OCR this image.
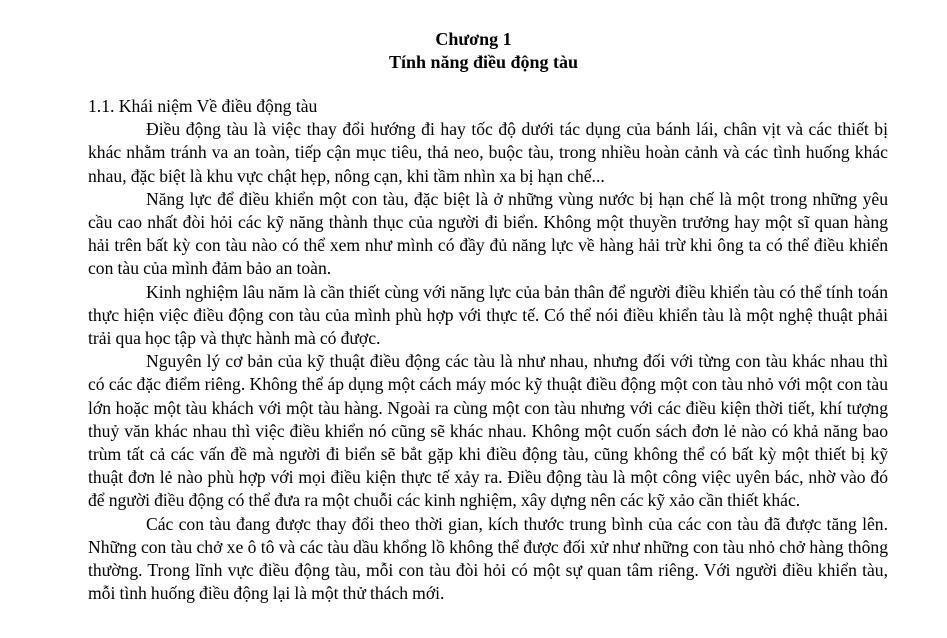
Chương 1
Tính năng điều động tàu

1.1. Khái niệm Về điều động tàu

Điều động tàu là việc thay đổi hướng đi hay tốc độ dưới tác dụng của bánh lái, chân vịt và các thiết bị khác nhằm tránh va an toàn, tiếp cận mục tiêu, thả neo, buộc tàu, trong nhiều hoàn cảnh và các tình huống khác nhau, đặc biệt là khu vực chật hẹp, nông cạn, khi tầm nhìn xa bị hạn chế...

Năng lực để điều khiển một con tàu, đặc biệt là ở những vùng nước bị hạn chế là một trong những yêu cầu cao nhất đòi hỏi các kỹ năng thành thục của người đi biển. Không một thuyền trưởng hay một sĩ quan hàng hải trên bất kỳ con tàu nào có thể xem như mình có đầy đủ năng lực về hàng hải trừ khi ông ta có thể điều khiển con tàu của mình đảm bảo an toàn.

Kinh nghiệm lâu năm là cần thiết cùng với năng lực của bản thân để người điều khiển tàu có thể tính toán thực hiện việc điều động con tàu của mình phù hợp với thực tế. Có thể nói điều khiển tàu là một nghệ thuật phải trải qua học tập và thực hành mà có được.

Nguyên lý cơ bản của kỹ thuật điều động các tàu là như nhau, nhưng đối với từng con tàu khác nhau thì có các đặc điểm riêng. Không thể áp dụng một cách máy móc kỹ thuật điều động một con tàu nhỏ với một con tàu lớn hoặc một tàu khách với một tàu hàng. Ngoài ra cùng một con tàu nhưng với các điều kiện thời tiết, khí tượng thuỷ văn khác nhau thì việc điều khiển nó cũng sẽ khác nhau. Không một cuốn sách đơn lẻ nào có khả năng bao trùm tất cả các vấn đề mà người đi biển sẽ bắt gặp khi điều động tàu, cũng không thể có bất kỳ một thiết bị kỹ thuật đơn lẻ nào phù hợp với mọi điều kiện thực tế xảy ra. Điều động tàu là một công việc uyên bác, nhờ vào đó để người điều động có thể đưa ra một chuỗi các kinh nghiệm, xây dựng nên các kỹ xảo cần thiết khác.

Các con tàu đang được thay đổi theo thời gian, kích thước trung bình của các con tàu đã được tăng lên. Những con tàu chở xe ô tô và các tàu dầu khổng lồ không thể được đối xử như những con tàu nhỏ chở hàng thông thường. Trong lĩnh vực điều động tàu, mỗi con tàu đòi hỏi có một sự quan tâm riêng. Với người điều khiển tàu, mỗi tình huống điều động lại là một thử thách mới.
